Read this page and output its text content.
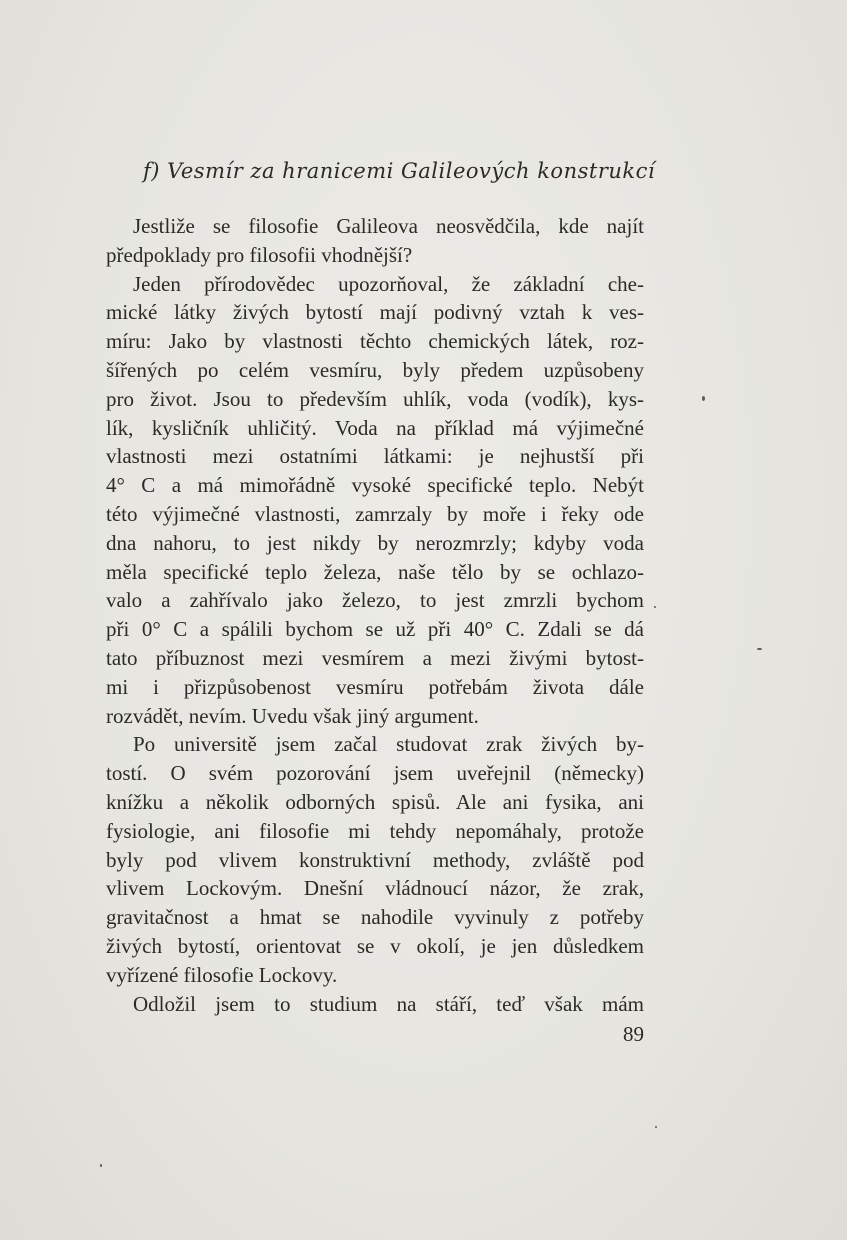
f) Vesmír za hranicemi Galileových konstrukcí
Jestliže se filosofie Galileova neosvědčila, kde najít
předpoklady pro filosofii vhodnější?
Jeden přírodovědec upozorňoval, že základní che-
mické látky živých bytostí mají podivný vztah k ves-
míru: Jako by vlastnosti těchto chemických látek, roz-
šířených po celém vesmíru, byly předem uzpůsobeny
pro život. Jsou to především uhlík, voda (vodík), kys-
lík, kysličník uhličitý. Voda na příklad má výjimečné
vlastnosti mezi ostatními látkami: je nejhustší při
4° C a má mimořádně vysoké specifické teplo. Nebýt
této výjimečné vlastnosti, zamrzaly by moře i řeky ode
dna nahoru, to jest nikdy by nerozmrzly; kdyby voda
měla specifické teplo železa, naše tělo by se ochlazo-
valo a zahřívalo jako železo, to jest zmrzli bychom
při 0° C a spálili bychom se už při 40° C. Zdali se dá
tato příbuznost mezi vesmírem a mezi živými bytost-
mi i přizpůsobenost vesmíru potřebám života dále
rozvádět, nevím. Uvedu však jiný argument.
Po universitě jsem začal studovat zrak živých by-
tostí. O svém pozorování jsem uveřejnil (německy)
knížku a několik odborných spisů. Ale ani fysika, ani
fysiologie, ani filosofie mi tehdy nepomáhaly, protože
byly pod vlivem konstruktivní methody, zvláště pod
vlivem Lockovým. Dnešní vládnoucí názor, že zrak,
gravitačnost a hmat se nahodile vyvinuly z potřeby
živých bytostí, orientovat se v okolí, je jen důsledkem
vyřízené filosofie Lockovy.
Odložil jsem to studium na stáří, teď však mám
89
